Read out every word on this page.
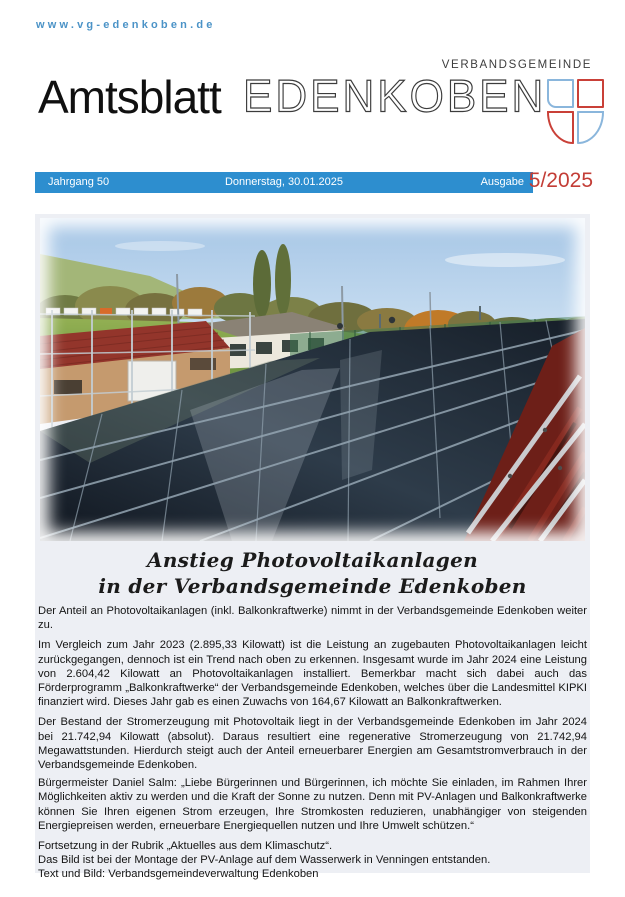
www.vg-edenkoben.de
Amtsblatt EDENKOBEN
VERBANDSGEMEINDE
Jahrgang 50	Donnerstag, 30.01.2025	Ausgabe 5/2025
Anstieg Photovoltaikanlagen
in der Verbandsgemeinde Edenkoben

Der Anteil an Photovoltaikanlagen (inkl. Balkonkraftwerke) nimmt in der Verbandsgemeinde Edenkoben weiter zu.

Im Vergleich zum Jahr 2023 (2.895,33 Kilowatt) ist die Leistung an zugebauten Photovoltaikanlagen leicht zurückgegangen, dennoch ist ein Trend nach oben zu erkennen. Insgesamt wurde im Jahr 2024 eine Leistung von 2.604,42 Kilowatt an Photovoltaikanlagen installiert. Bemerkbar macht sich dabei auch das Förderprogramm „Balkonkraftwerke“ der Verbandsgemeinde Edenkoben, welches über die Landesmittel KIPKI finanziert wird. Dieses Jahr gab es einen Zuwachs von 164,67 Kilowatt an Balkonkraftwerken.

Der Bestand der Stromerzeugung mit Photovoltaik liegt in der Verbandsgemeinde Edenkoben im Jahr 2024 bei 21.742,94 Kilowatt (absolut). Daraus resultiert eine regenerative Stromerzeugung von 21.742,94 Megawattstunden. Hierdurch steigt auch der Anteil erneuerbarer Energien am Gesamtstromverbrauch in der Verbandsgemeinde Edenkoben.

Bürgermeister Daniel Salm: „Liebe Bürgerinnen und Bürgerinnen, ich möchte Sie einladen, im Rahmen Ihrer Möglichkeiten aktiv zu werden und die Kraft der Sonne zu nutzen. Denn mit PV-Anlagen und Balkonkraftwerke können Sie Ihren eigenen Strom erzeugen, Ihre Stromkosten reduzieren, unabhängiger von steigenden Energiepreisen werden, erneuerbare Energiequellen nutzen und Ihre Umwelt schützen.“

Fortsetzung in der Rubrik „Aktuelles aus dem Klimaschutz“.

Das Bild ist bei der Montage der PV-Anlage auf dem Wasserwerk in Venningen entstanden.

Text und Bild: Verbandsgemeindeverwaltung Edenkoben
